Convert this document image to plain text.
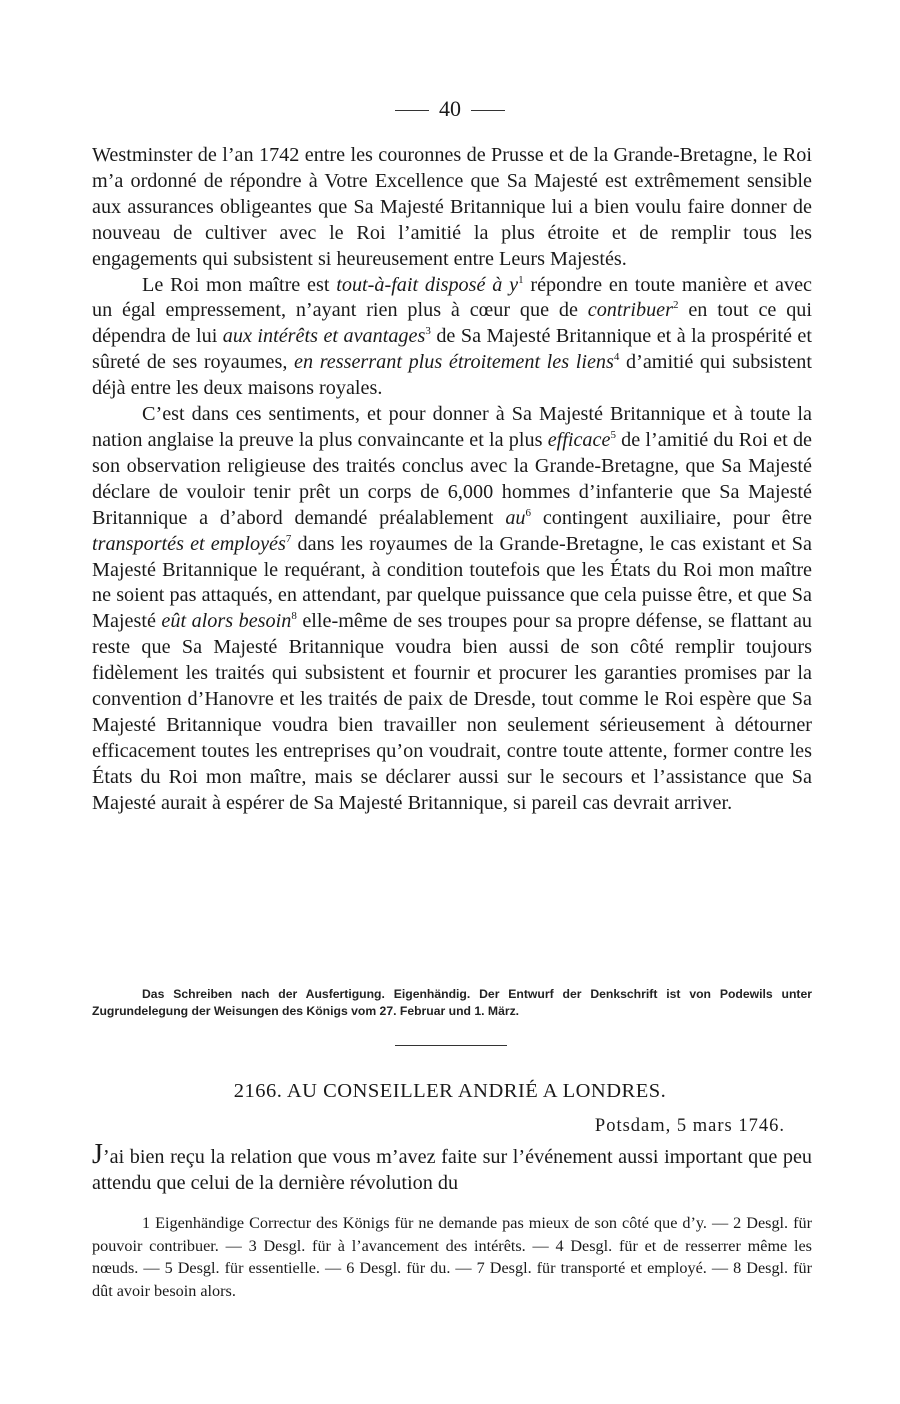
40

Westminster de l’an 1742 entre les couronnes de Prusse et de la Grande-Bretagne, le Roi m’a ordonné de répondre à Votre Excellence que Sa Majesté est extrêmement sensible aux assurances obligeantes que Sa Majesté Britannique lui a bien voulu faire donner de nouveau de cultiver avec le Roi l’amitié la plus étroite et de remplir tous les engagements qui subsistent si heureusement entre Leurs Majestés.

Le Roi mon maître est tout-à-fait disposé à $y^1$ répondre en toute manière et avec un égal empressement, n’ayant rien plus à cœur que de contribuer$^2$ en tout ce qui dépendra de lui aux intérêts et avantages$^3$ de Sa Majesté Britannique et à la prospérité et sûreté de ses royaumes, en resserrant plus étroitement les liens$^4$ d’amitié qui subsistent déjà entre les deux maisons royales.

C’est dans ces sentiments, et pour donner à Sa Majesté Britannique et à toute la nation anglaise la preuve la plus convaincante et la plus efficace$^5$ de l’amitié du Roi et de son observation religieuse des traités conclus avec la Grande-Bretagne, que Sa Majesté déclare de vouloir tenir prêt un corps de 6,000 hommes d’infanterie que Sa Majesté Britannique a d’abord demandé préalablement $au^6$ contingent auxiliaire, pour être transportés et employés$^7$ dans les royaumes de la Grande-Bretagne, le cas existant et Sa Majesté Britannique le requérant, à condition toutefois que les États du Roi mon maître ne soient pas attaqués, en attendant, par quelque puissance que cela puisse être, et que Sa Majesté eût alors besoin$^8$ elle-même de ses troupes pour sa propre défense, se flattant au reste que Sa Majesté Britannique voudra bien aussi de son côté remplir toujours fidèlement les traités qui subsistent et fournir et procurer les garanties promises par la convention d’Hanovre et les traités de paix de Dresde, tout comme le Roi espère que Sa Majesté Britannique voudra bien travailler non seulement sérieusement à détourner efficacement toutes les entreprises qu’on voudrait, contre toute attente, former contre les États du Roi mon maître, mais se déclarer aussi sur le secours et l’assistance que Sa Majesté aurait à espérer de Sa Majesté Britannique, si pareil cas devrait arriver.

Das Schreiben nach der Ausfertigung. Eigenhändig. Der Entwurf der Denkschrift ist von Podewils unter Zugrundelegung der Weisungen des Königs vom 27. Februar und 1. März.
2166. AU CONSEILLER ANDRIÉ A LONDRES.
Potsdam, 5 mars 1746.
J’ai bien reçu la relation que vous m’avez faite sur l’événement aussi important que peu attendu que celui de la dernière révolution du
1 Eigenhändige Correctur des Königs für ne demande pas mieux de son côté que d’y. — 2 Desgl. für pouvoir contribuer. — 3 Desgl. für à l’avancement des intérêts. — 4 Desgl. für et de resserrer même les nœuds. — 5 Desgl. für essentielle. — 6 Desgl. für du. — 7 Desgl. für transporté et employé. — 8 Desgl. für dût avoir besoin alors.
